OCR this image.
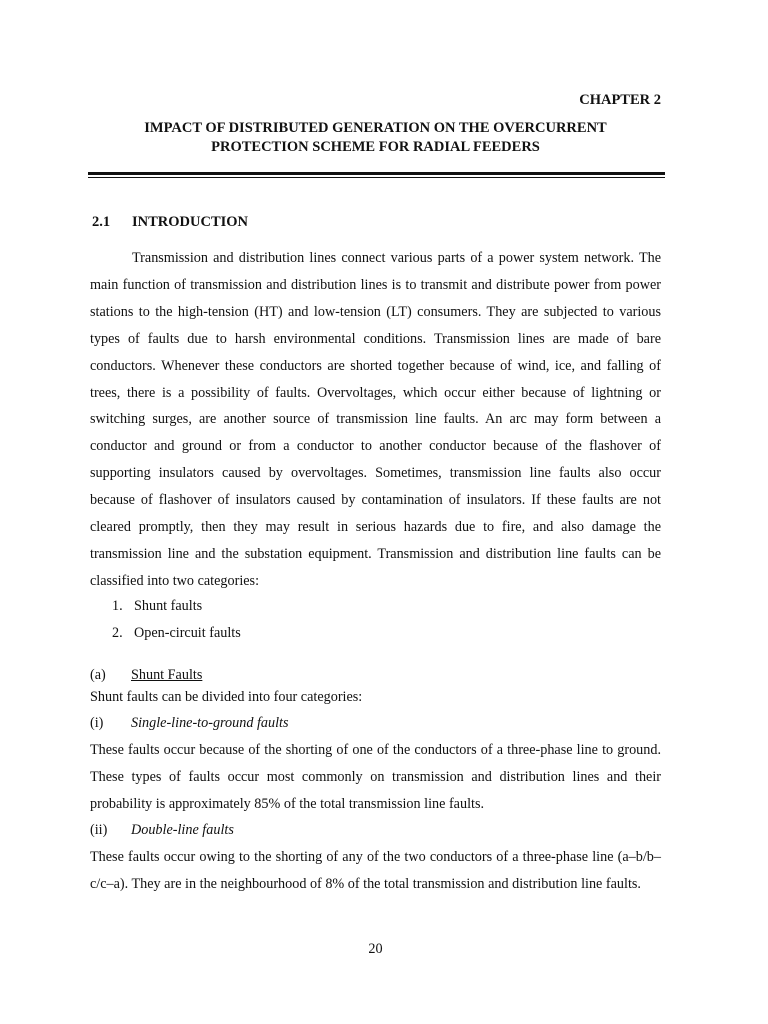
CHAPTER 2
IMPACT OF DISTRIBUTED GENERATION ON THE OVERCURRENT
PROTECTION SCHEME FOR RADIAL FEEDERS
2.1 INTRODUCTION

Transmission and distribution lines connect various parts of a power system network. The main function of transmission and distribution lines is to transmit and distribute power from power stations to the high-tension (HT) and low-tension (LT) consumers. They are subjected to various types of faults due to harsh environmental conditions. Transmission lines are made of bare conductors. Whenever these conductors are shorted together because of wind, ice, and falling of trees, there is a possibility of faults. Overvoltages, which occur either because of lightning or switching surges, are another source of transmission line faults. An arc may form between a conductor and ground or from a conductor to another conductor because of the flashover of supporting insulators caused by overvoltages. Sometimes, transmission line faults also occur because of flashover of insulators caused by contamination of insulators. If these faults are not cleared promptly, then they may result in serious hazards due to fire, and also damage the transmission line and the substation equipment. Transmission and distribution line faults can be classified into two categories:

1. Shunt faults
2. Open-circuit faults
(a) Shunt Faults
Shunt faults can be divided into four categories:
(i) Single-line-to-ground faults

These faults occur because of the shorting of one of the conductors of a three-phase line to ground. These types of faults occur most commonly on transmission and distribution lines and their probability is approximately 85% of the total transmission line faults.

(ii) Double-line faults

These faults occur owing to the shorting of any of the two conductors of a three-phase line (a–b/b–c/c–a). They are in the neighbourhood of 8% of the total transmission and distribution line faults.

20
